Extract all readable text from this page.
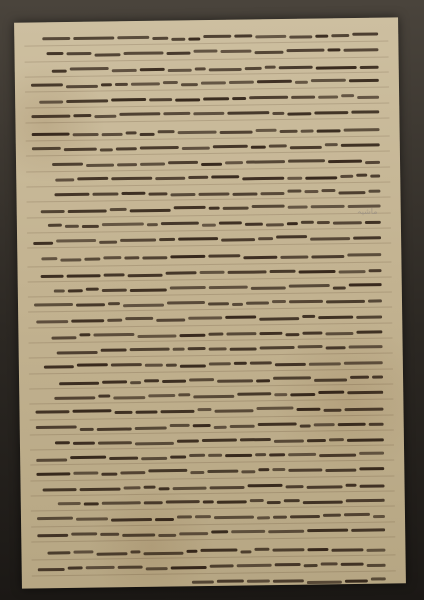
ماشیہ
